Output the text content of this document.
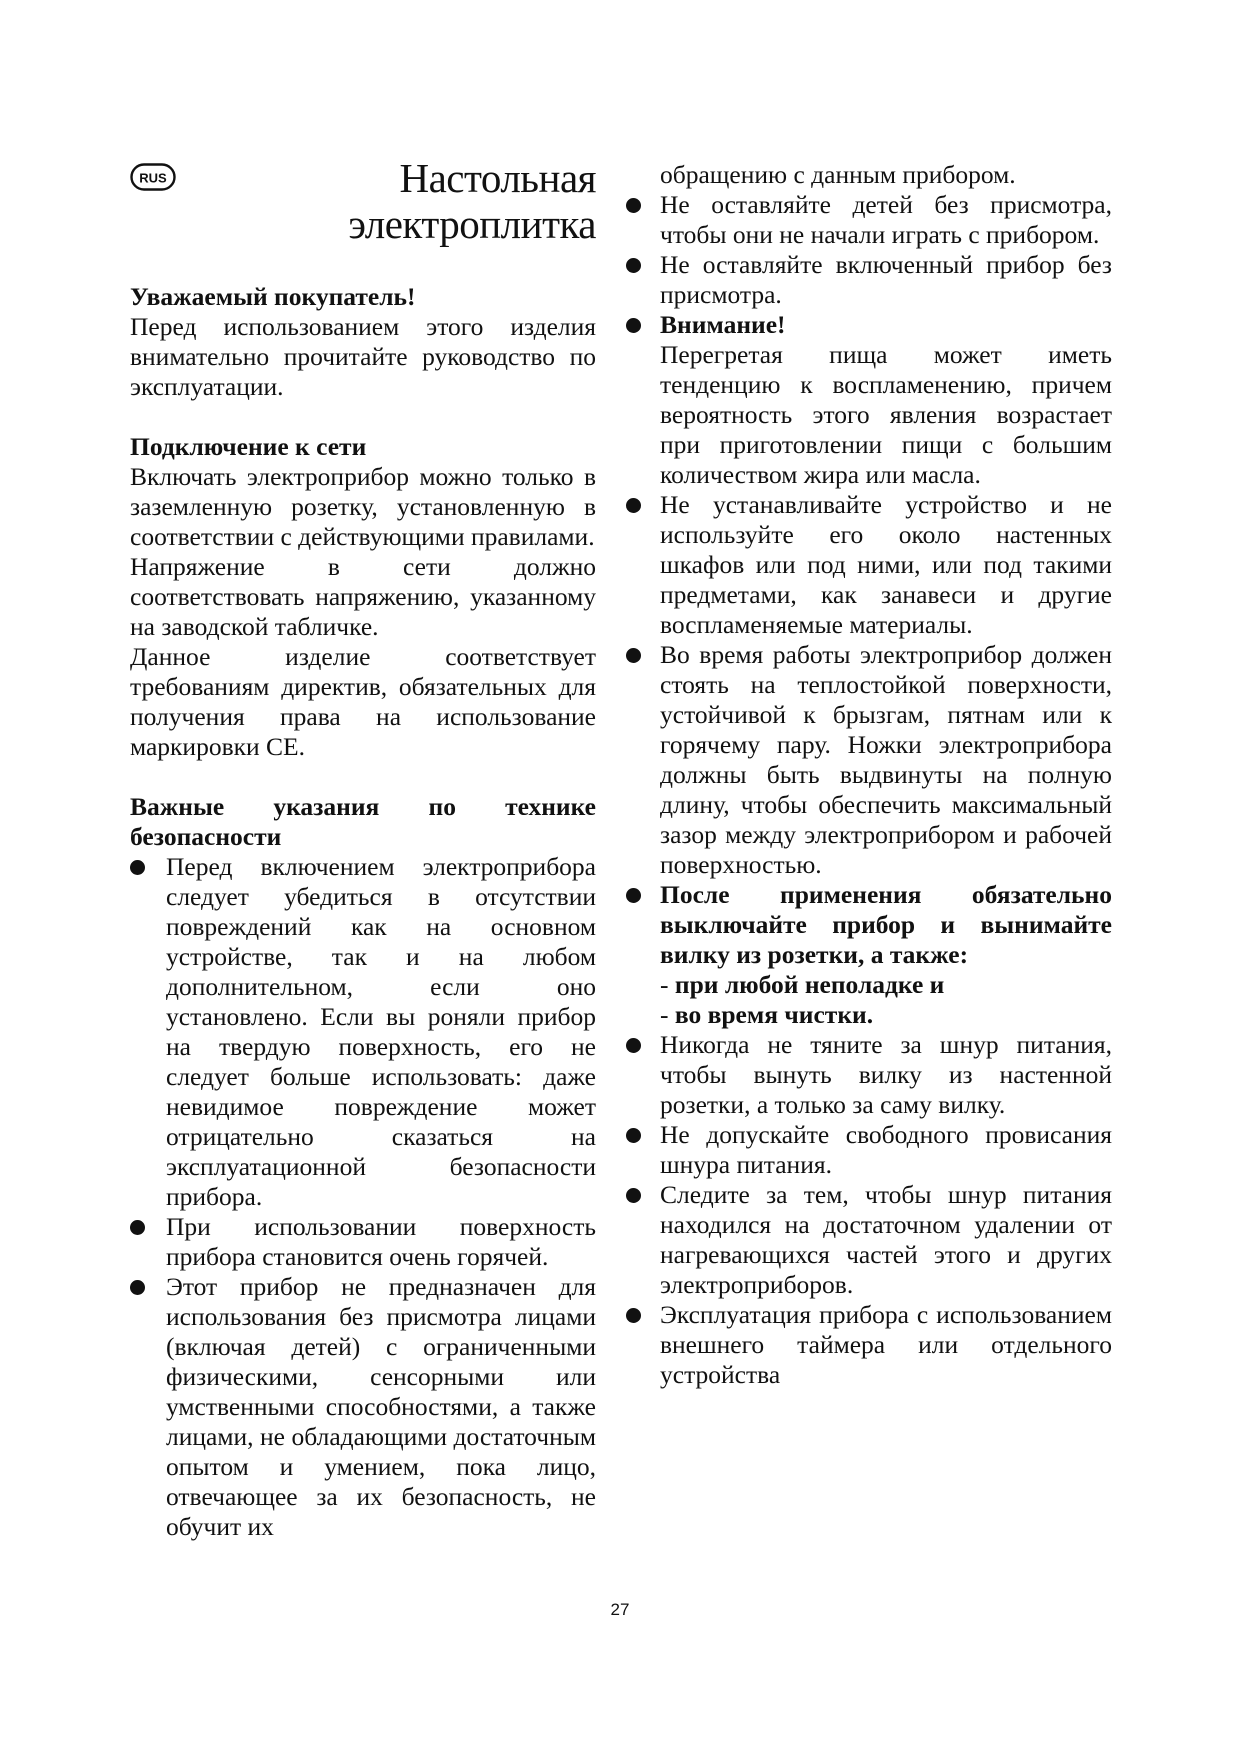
RUS	Настольная
электроплитка

Уважаемый покупатель!

Перед использованием этого изделия внимательно прочитайте руководство по эксплуатации.

Подключение к сети

Включать электроприбор можно только в заземленную розетку, установленную в соответствии с действующими правилами.

Напряжение в сети должно соответствовать напряжению, указанному на заводской табличке.

Данное изделие соответствует требованиям директив, обязательных для получения права на использование маркировки CE.

Важные указания по технике безопасности

Перед включением электроприбора следует убедиться в отсутствии повреждений как на основном устройстве, так и на любом дополнительном, если оно установлено. Если вы роняли прибор на твердую поверхность, его не следует больше использовать: даже невидимое повреждение может отрицательно сказаться на эксплуатационной безопасности прибора.
При использовании поверхность прибора становится очень горячей.
Этот прибор не предназначен для использования без присмотра лицами (включая детей) с ограниченными физическими, сенсорными или умственными способностями, а также лицами, не обладающими достаточным опытом и умением, пока лицо, отвечающее за их безопасность, не обучит их
обращению с данным прибором.
Не оставляйте детей без присмотра, чтобы они не начали играть с прибором.
Не оставляйте включенный прибор без присмотра.
Внимание!
Перегретая пища может иметь тенденцию к воспламенению, причем вероятность этого явления возрастает при приготовлении пищи с большим количеством жира или масла.
Не устанавливайте устройство и не используйте его около настенных шкафов или под ними, или под такими предметами, как занавеси и другие воспламеняемые материалы.
Во время работы электроприбор должен стоять на теплостойкой поверхности, устойчивой к брызгам, пятнам или к горячему пару. Ножки электроприбора должны быть выдвинуты на полную длину, чтобы обеспечить максимальный зазор между электроприбором и рабочей поверхностью.
После применения обязательно выключайте прибор и вынимайте вилку из розетки, а также:
- при любой неполадке и
- во время чистки.
Никогда не тяните за шнур питания, чтобы вынуть вилку из настенной розетки, а только за саму вилку.
Не допускайте свободного провисания шнура питания.
Следите за тем, чтобы шнур питания находился на достаточном удалении от нагревающихся частей этого и других электроприборов.
Эксплуатация прибора с использованием внешнего таймера или отдельного устройства
27
